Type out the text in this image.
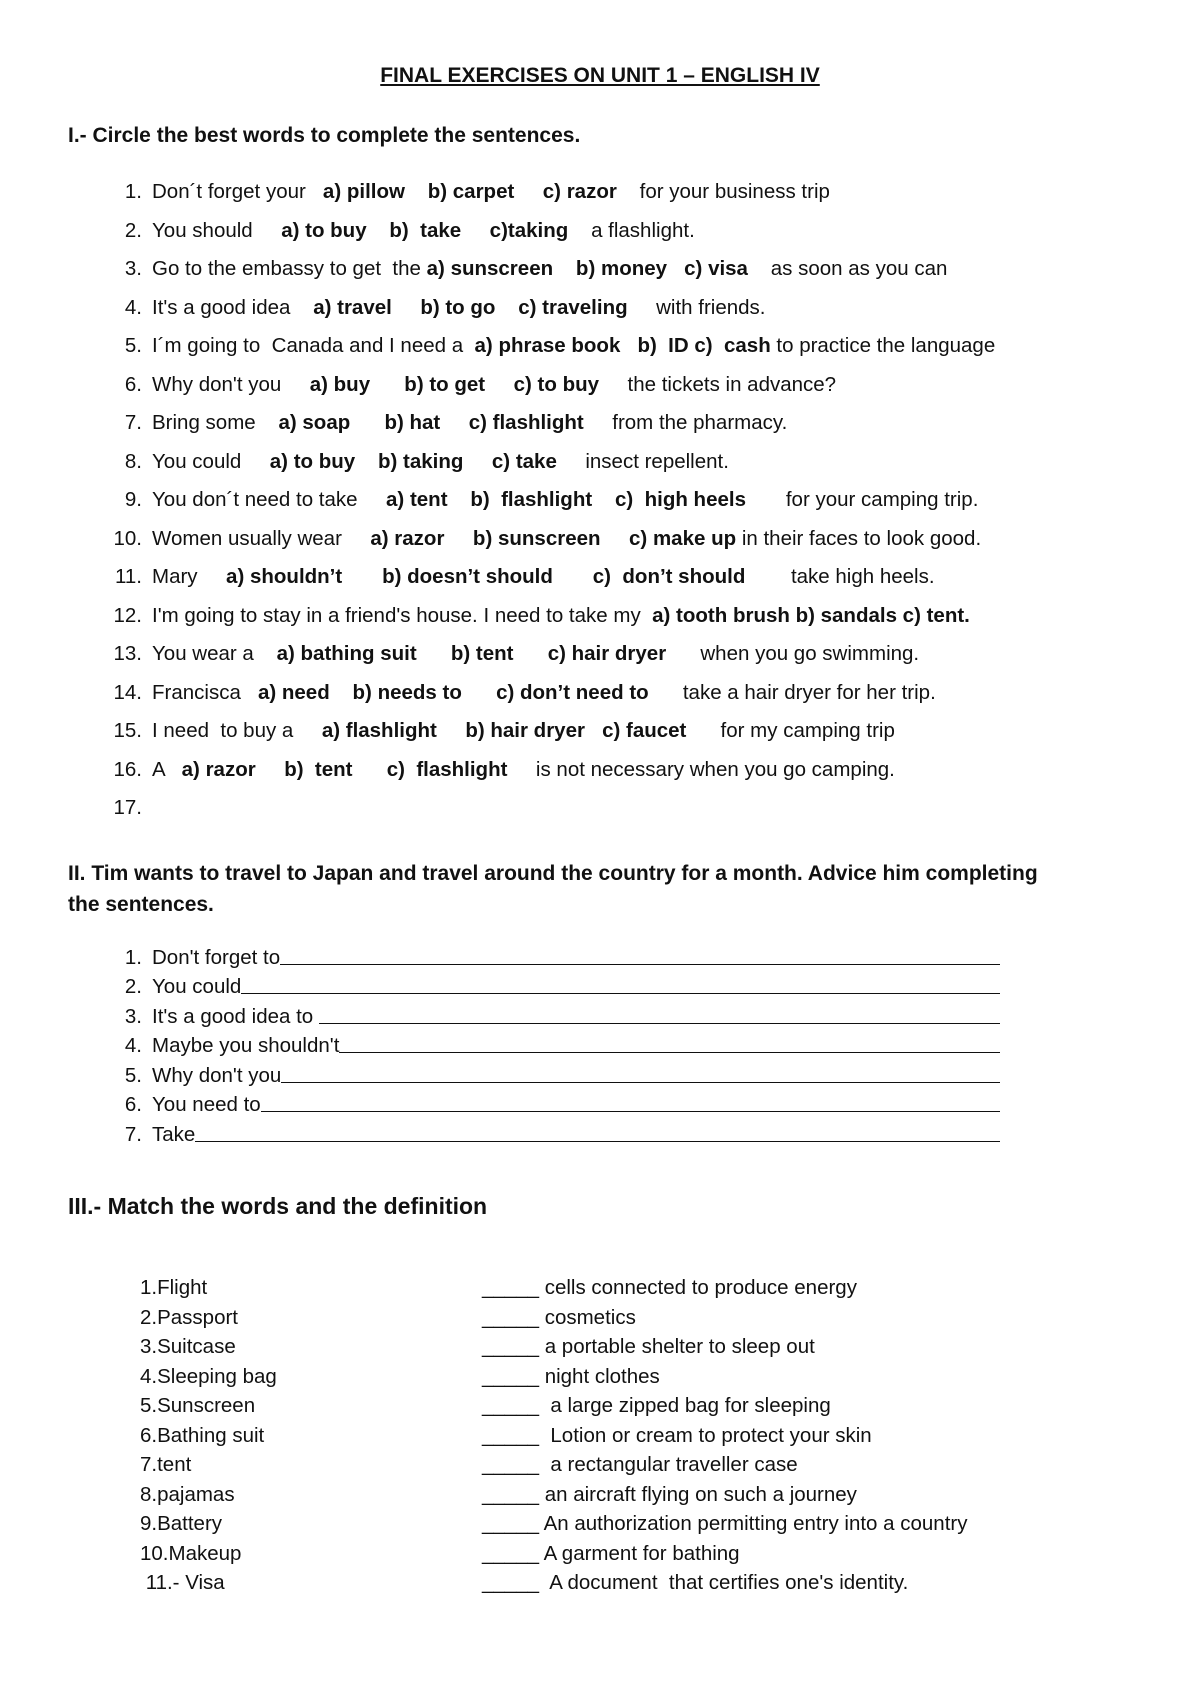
FINAL EXERCISES ON UNIT 1 – ENGLISH IV
I.- Circle the best words to complete the sentences.
1. Don´t forget your   a) pillow b) carpet c) razor    for your business trip
2. You should     a) to buy b)  take c)taking    a flashlight.
3. Go to the embassy to get  the a) sunscreen b) money c) visa    as soon as you can
4. It's a good idea    a) travel b) to go c) traveling     with friends.
5. I´m going to  Canada and I need a  a) phrase book b)  ID c)  cash to practice the language
6. Why don't you     a) buy b) to get c) to buy     the tickets in advance?
7. Bring some    a) soap b) hat c) flashlight     from the pharmacy.
8. You could     a) to buy b) taking c) take     insect repellent.
9. You don´t need to take     a) tent b)  flashlight c)  high heels       for your camping trip.
10. Women usually wear     a) razor b) sunscreen c) make up in their faces to look good.
11. Mary     a) shouldn’t b) doesn’t should c)  don’t should        take high heels.
12. I'm going to stay in a friend's house. I need to take my  a) tooth brush b) sandals c) tent.
13. You wear a    a) bathing suit b) tent c) hair dryer      when you go swimming.
14. Francisca   a) need b) needs to c) don’t need to      take a hair dryer for her trip.
15. I need  to buy a     a) flashlight b) hair dryer c) faucet      for my camping trip
16. A   a) razor b)  tent c)  flashlight     is not necessary when you go camping.
17.
II. Tim wants to travel to Japan and travel around the country for a month. Advice him completing the sentences.
1. Don't forget to
2. You could
3. It's a good idea to
4. Maybe you shouldn't
5. Why don't you
6. You need to
7. Take
III.- Match the words and the definition
1.Flight	_____ cells connected to produce energy
2.Passport	_____ cosmetics
3.Suitcase	_____ a portable shelter to sleep out
4.Sleeping bag	_____ night clothes
5.Sunscreen	_____  a large zipped bag for sleeping
6.Bathing suit	_____  Lotion or cream to protect your skin
7.tent	_____  a rectangular traveller case
8.pajamas	_____ an aircraft flying on such a journey
9.Battery	_____ An authorization permitting entry into a country
10.Makeup	_____ A garment for bathing
11.- Visa	_____  A document  that certifies one's identity.
